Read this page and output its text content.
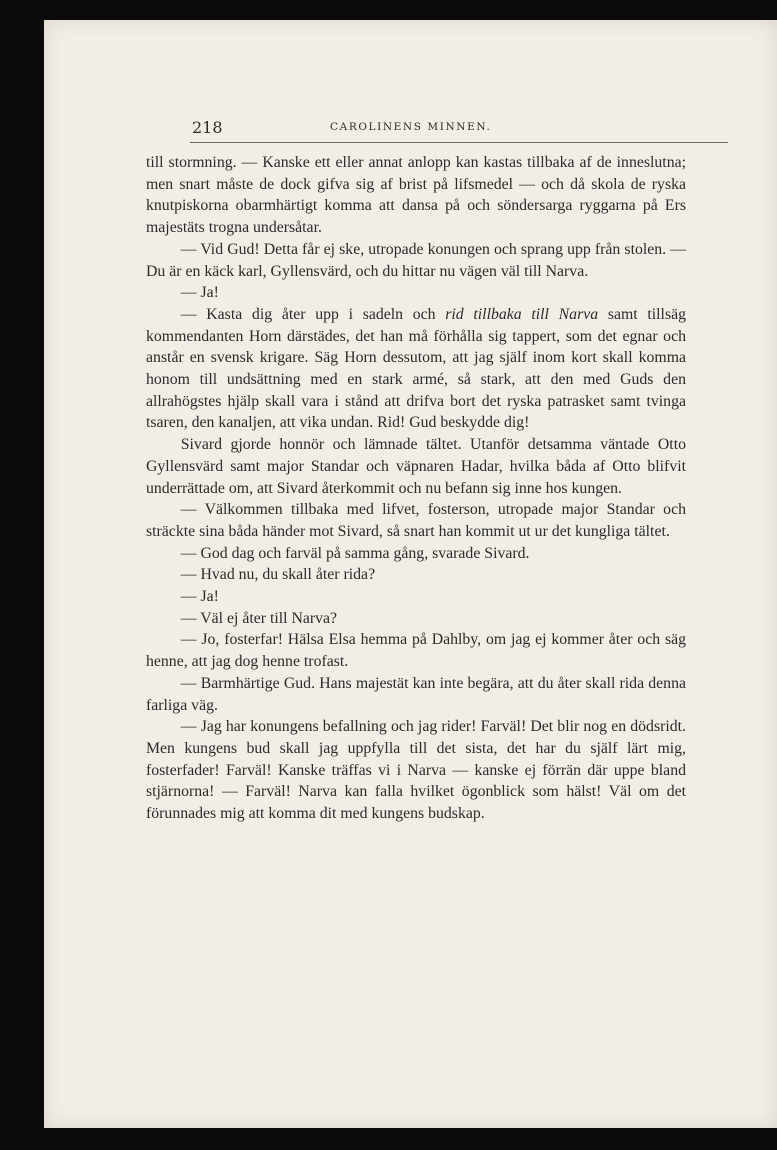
218	CAROLINENS MINNEN.

till stormning. — Kanske ett eller annat anlopp kan kastas tillbaka af de inneslutna; men snart måste de dock gifva sig af brist på lifsmedel — och då skola de ryska knutpiskorna obarmhärtigt komma att dansa på och söndersarga ryggarna på Ers majestäts trogna undersåtar.

— Vid Gud! Detta får ej ske, utropade konungen och sprang upp från stolen. — Du är en käck karl, Gyllensvärd, och du hittar nu vägen väl till Narva.

— Ja!

— Kasta dig åter upp i sadeln och rid tillbaka till Narva samt tillsäg kommendanten Horn därstädes, det han må förhålla sig tappert, som det egnar och anstår en svensk krigare. Säg Horn dessutom, att jag själf inom kort skall komma honom till undsättning med en stark armé, så stark, att den med Guds den allrahögstes hjälp skall vara i stånd att drifva bort det ryska patrasket samt tvinga tsaren, den kanaljen, att vika undan. Rid! Gud beskydde dig!

Sivard gjorde honnör och lämnade tältet. Utanför detsamma väntade Otto Gyllensvärd samt major Standar och väpnaren Hadar, hvilka båda af Otto blifvit underrättade om, att Sivard återkommit och nu befann sig inne hos kungen.

— Välkommen tillbaka med lifvet, fosterson, utropade major Standar och sträckte sina båda händer mot Sivard, så snart han kommit ut ur det kungliga tältet.

— God dag och farväl på samma gång, svarade Sivard.

— Hvad nu, du skall åter rida?

— Ja!

— Väl ej åter till Narva?

— Jo, fosterfar! Hälsa Elsa hemma på Dahlby, om jag ej kommer åter och säg henne, att jag dog henne trofast.

— Barmhärtige Gud. Hans majestät kan inte begära, att du åter skall rida denna farliga väg.

— Jag har konungens befallning och jag rider! Farväl! Det blir nog en dödsridt. Men kungens bud skall jag uppfylla till det sista, det har du själf lärt mig, fosterfader! Farväl! Kanske träffas vi i Narva — kanske ej förrän där uppe bland stjärnorna! — Farväl! Narva kan falla hvilket ögonblick som hälst! Väl om det förunnades mig att komma dit med kungens budskap.
